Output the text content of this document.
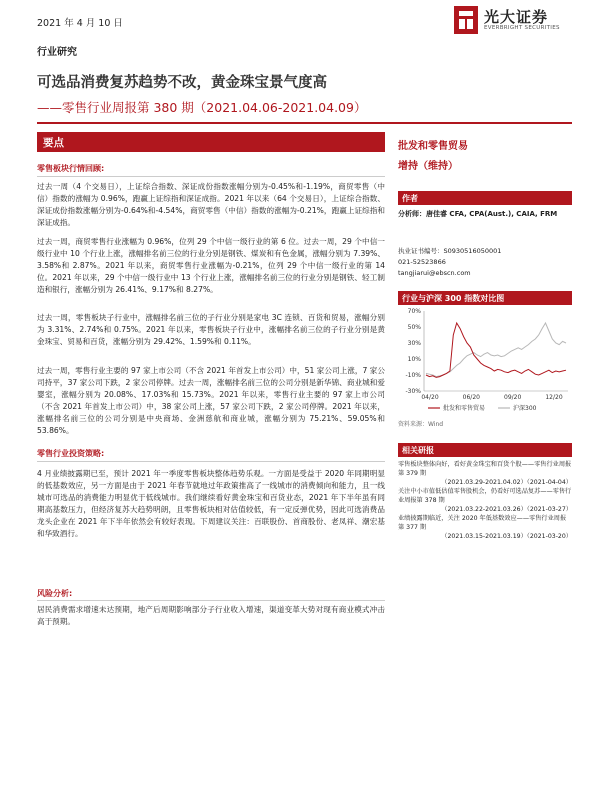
2021 年 4 月 10 日	光大证券
EVERBRIGHT SECURITIES
行业研究
可选品消费复苏趋势不改，黄金珠宝景气度高
——零售行业周报第 380 期（2021.04.06-2021.04.09）
要点
零售板块行情回顾:
过去一周（4 个交易日），上证综合指数、深证成份指数涨幅分别为-0.45%和-1.19%，商贸零售（中信）指数的涨幅为 0.96%，跑赢上证综指和深证成指。2021 年以来（64 个交易日），上证综合指数、深证成份指数涨幅分别为-0.64%和-4.54%，商贸零售（中信）指数的涨幅为-0.21%，跑赢上证综指和深证成指。
过去一周，商贸零售行业涨幅为 0.96%，位列 29 个中信一级行业的第 6 位。过去一周，29 个中信一级行业中 10 个行业上涨，涨幅排名前三位的行业分别是钢铁、煤炭和有色金属，涨幅分别为 7.39%、3.58%和 2.87%。2021 年以来，商贸零售行业涨幅为-0.21%，位列 29 个中信一级行业的第 14 位。2021 年以来，29 个中信一级行业中 13 个行业上涨，涨幅排名前三位的行业分别是钢铁、轻工制造和银行，涨幅分别为 26.41%、9.17%和 8.27%。
过去一周，零售板块子行业中，涨幅排名前三位的子行业分别是家电 3C 连锁、百货和贸易，涨幅分别为 3.31%、2.74%和 0.75%。2021 年以来，零售板块子行业中，涨幅排名前三位的子行业分别是黄金珠宝、贸易和百货，涨幅分别为 29.42%、1.59%和 0.11%。
过去一周，零售行业主要的 97 家上市公司（不含 2021 年首发上市公司）中，51 家公司上涨，7 家公司持平，37 家公司下跌，2 家公司停牌。过去一周，涨幅排名前三位的公司分别是新华锦、商业城和爱婴室，涨幅分别为 20.08%、17.03%和 15.73%。2021 年以来，零售行业主要的 97 家上市公司（不含 2021 年首发上市公司）中，38 家公司上涨，57 家公司下跌，2 家公司停牌。2021 年以来，涨幅排名前三位的公司分别是中央商场、金洲慈航和商业城，涨幅分别为 75.21%、59.05%和 53.86%。
零售行业投资策略:
4 月业绩披露期已至，预计 2021 年一季度零售板块整体趋势乐观。一方面是受益于 2020 年同期明显的低基数效应，另一方面是由于 2021 年春节就地过年政策推高了一线城市的消费倾向和能力，且一线城市可选品的消费能力明显优于低线城市。我们继续看好黄金珠宝和百货业态，2021 年下半年虽有同期高基数压力，但经济复苏大趋势明朗，且零售板块相对估值较低，有一定反弹优势，因此可选消费品龙头企业在 2021 年下半年依然会有较好表现。下周建议关注：百联股份、首商股份、老凤祥、潮宏基和华致酒行。
风险分析:
居民消费需求增速未达预期，地产后周期影响部分子行业收入增速，渠道变革大势对现有商业模式冲击高于预期。
批发和零售贸易
增持（维持）
作者
分析师：唐佳睿 CFA, CPA(Aust.), CAIA, FRM
执业证书编号：S0930516050001
021-52523866
tangjiarui@ebscn.com
行业与沪深 300 指数对比图
70%
50%
30%
10%
-10%
-30%
04/20	06/20	09/20	12/20
批发和零售贸易	沪深300
资料来源：Wind
相关研报
零售板块整体向好，看好黄金珠宝和百货个股——零售行业周报第 379 期
（2021.03.29-2021.04.02）（2021-04-04）
关注中小市值低估值零售股机会，仍看好可选品复苏——零售行业周报第 378 期
（2021.03.22-2021.03.26）（2021-03-27）
业绩披露期临近，关注 2020 年低基数效应——零售行业周报第 377 期
（2021.03.15-2021.03.19）（2021-03-20）
